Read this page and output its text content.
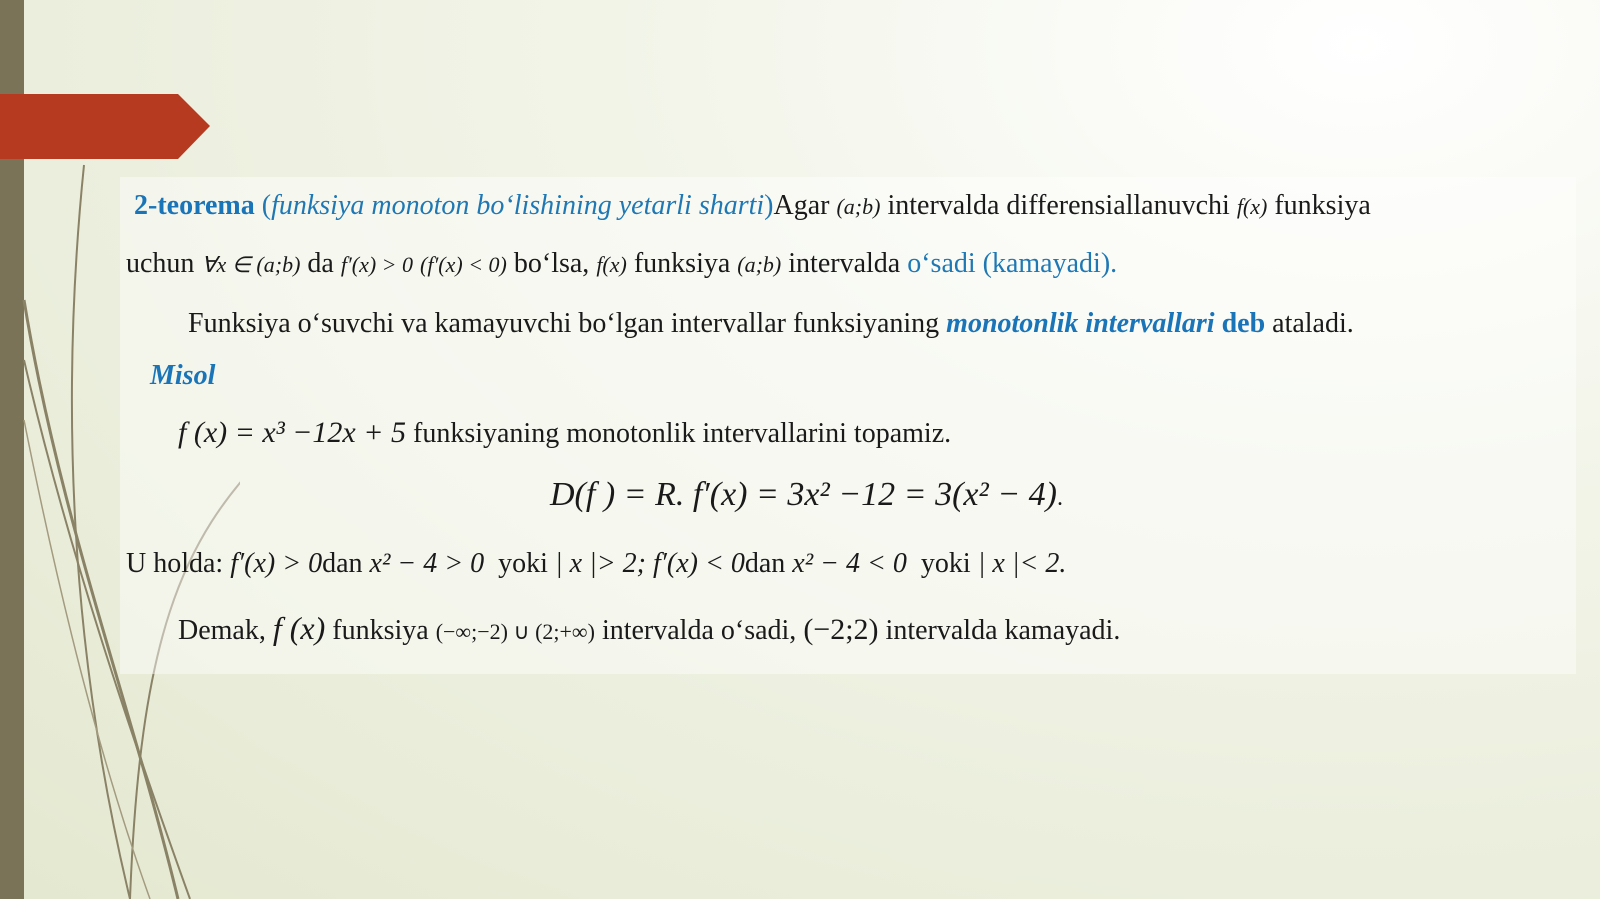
2-teorema (funksiya monoton bo‘lishining yetarli sharti)Agar (a;b) intervalda differensiallanuvchi f(x) funksiya
uchun ∀x ∈ (a;b) da f′(x) > 0 (f′(x) < 0) bo‘lsa, f(x) funksiya (a;b) intervalda o‘sadi (kamayadi).
Funksiya o‘suvchi va kamayuvchi bo‘lgan intervallar funksiyaning monotonlik intervallari deb ataladi.
Misol
f (x) = x³ −12x + 5 funksiyaning monotonlik intervallarini topamiz.
D(f ) = R. f′(x) = 3x² −12 = 3(x² − 4).
U holda: f′(x) > 0dan x² − 4 > 0 yoki | x |> 2; f′(x) < 0dan x² − 4 < 0 yoki | x |< 2.
Demak, f (x) funksiya (−∞;−2) ∪ (2;+∞) intervalda o‘sadi, (−2;2) intervalda kamayadi.
